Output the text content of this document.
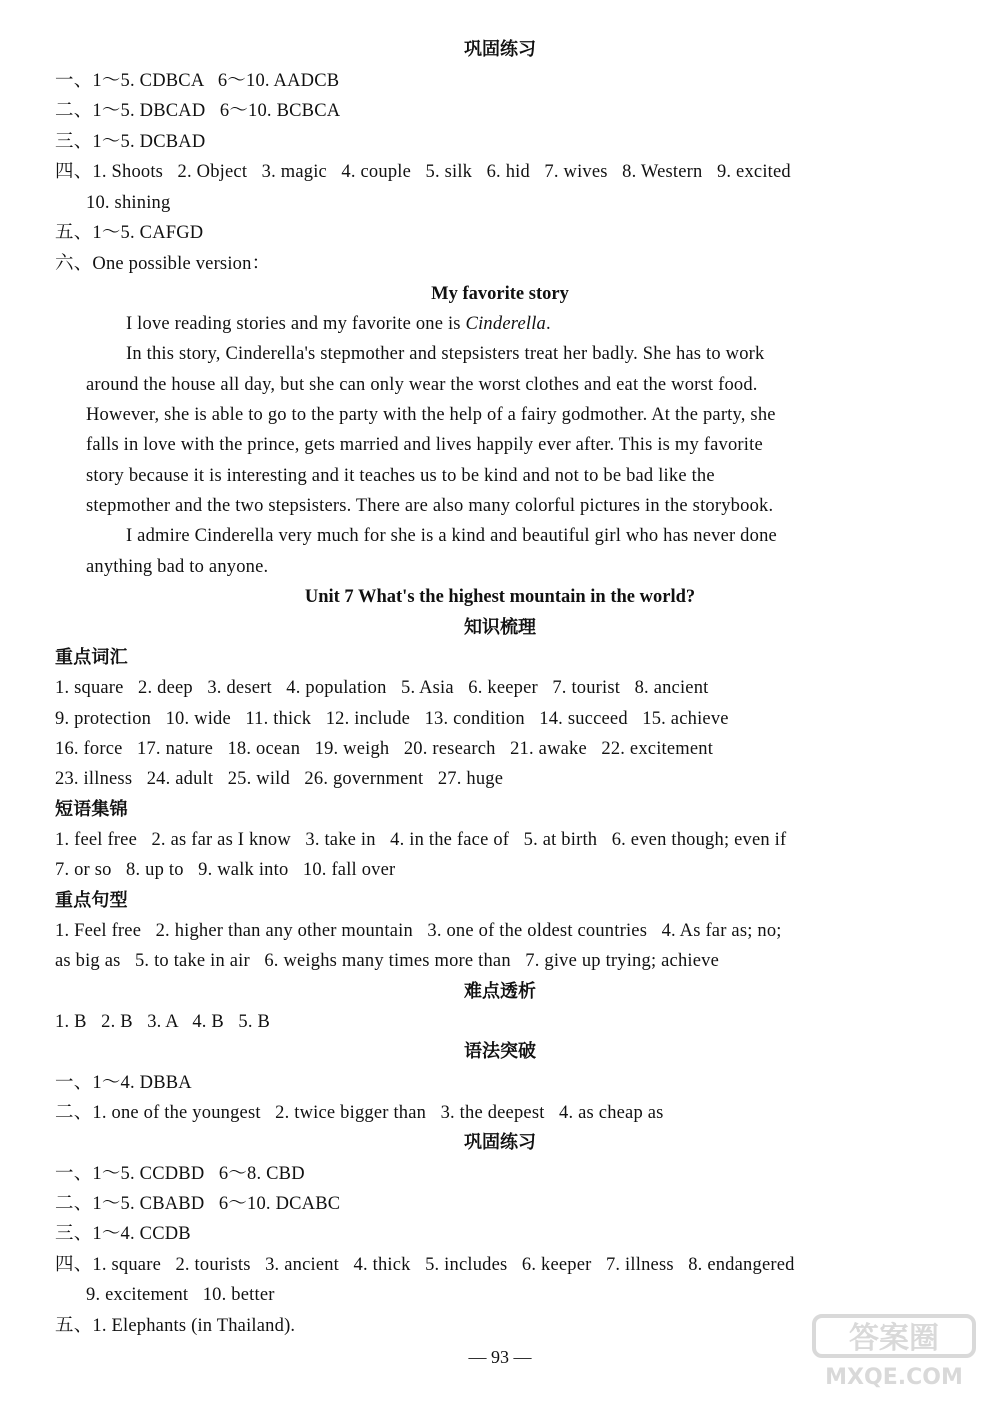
巩固练习
一、1～5. CDBCA   6～10. AADCB
二、1～5. DBCAD   6～10. BCBCA
三、1～5. DCBAD
四、1. Shoots   2. Object   3. magic   4. couple   5. silk   6. hid   7. wives   8. Western   9. excited
10. shining
五、1～5. CAFGD
六、One possible version：
My favorite story
I love reading stories and my favorite one is Cinderella.
In this story, Cinderella's stepmother and stepsisters treat her badly. She has to work
around the house all day, but she can only wear the worst clothes and eat the worst food.
However, she is able to go to the party with the help of a fairy godmother. At the party, she
falls in love with the prince, gets married and lives happily ever after. This is my favorite
story because it is interesting and it teaches us to be kind and not to be bad like the
stepmother and the two stepsisters. There are also many colorful pictures in the storybook.
I admire Cinderella very much for she is a kind and beautiful girl who has never done
anything bad to anyone.
Unit 7 What's the highest mountain in the world?
知识梳理
重点词汇
1. square   2. deep   3. desert   4. population   5. Asia   6. keeper   7. tourist   8. ancient
9. protection   10. wide   11. thick   12. include   13. condition   14. succeed   15. achieve
16. force   17. nature   18. ocean   19. weigh   20. research   21. awake   22. excitement
23. illness   24. adult   25. wild   26. government   27. huge
短语集锦
1. feel free   2. as far as I know   3. take in   4. in the face of   5. at birth   6. even though; even if
7. or so   8. up to   9. walk into   10. fall over
重点句型
1. Feel free   2. higher than any other mountain   3. one of the oldest countries   4. As far as; no;
as big as   5. to take in air   6. weighs many times more than   7. give up trying; achieve
难点透析
1. B   2. B   3. A   4. B   5. B
语法突破
一、1～4. DBBA
二、1. one of the youngest   2. twice bigger than   3. the deepest   4. as cheap as
巩固练习
一、1～5. CCDBD   6～8. CBD
二、1～5. CBABD   6～10. DCABC
三、1～4. CCDB
四、1. square   2. tourists   3. ancient   4. thick   5. includes   6. keeper   7. illness   8. endangered
9. excitement   10. better
五、1. Elephants (in Thailand).
— 93 —
答案圈
MXQE.COM
